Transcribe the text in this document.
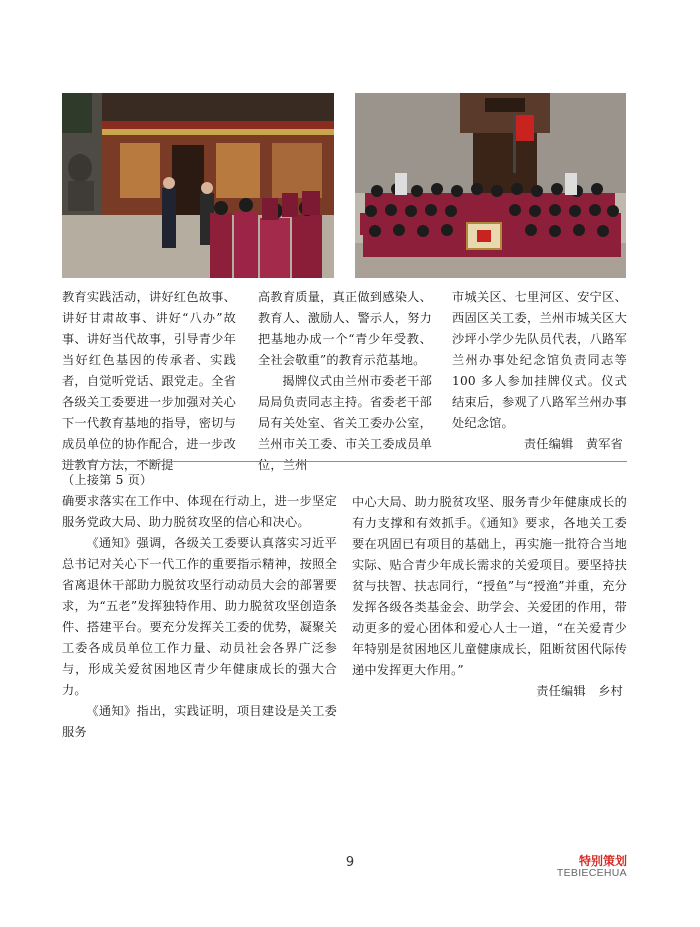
教育实践活动，讲好红色故事、讲好甘肃故事、讲好“八办”故事、讲好当代故事，引导青少年当好红色基因的传承者、实践者，自觉听党话、跟党走。全省各级关工委要进一步加强对关心下一代教育基地的指导，密切与成员单位的协作配合，进一步改进教育方法，不断提

高教育质量，真正做到感染人、教育人、激励人、警示人，努力把基地办成一个“青少年受教、全社会敬重”的教育示范基地。

揭牌仪式由兰州市委老干部局局负责同志主持。省委老干部局有关处室、省关工委办公室，兰州市关工委、市关工委成员单位，兰州

市城关区、七里河区、安宁区、西固区关工委，兰州市城关区大沙坪小学少先队员代表，八路军兰州办事处纪念馆负责同志等 100 多人参加挂牌仪式。仪式结束后，参观了八路军兰州办事处纪念馆。

责任编辑　黄军省

（上接第 5 页）

确要求落实在工作中、体现在行动上，进一步坚定服务党政大局、助力脱贫攻坚的信心和决心。

《通知》强调，各级关工委要认真落实习近平总书记对关心下一代工作的重要指示精神，按照全省离退休干部助力脱贫攻坚行动动员大会的部署要求，为“五老”发挥独特作用、助力脱贫攻坚创造条件、搭建平台。要充分发挥关工委的优势，凝聚关工委各成员单位工作力量、动员社会各界广泛参与，形成关爱贫困地区青少年健康成长的强大合力。

《通知》指出，实践证明，项目建设是关工委服务

中心大局、助力脱贫攻坚、服务青少年健康成长的有力支撑和有效抓手。《通知》要求，各地关工委要在巩固已有项目的基础上，再实施一批符合当地实际、贴合青少年成长需求的关爱项目。要坚持扶贫与扶智、扶志同行，“授鱼”与“授渔”并重，充分发挥各级各类基金会、助学会、关爱团的作用，带动更多的爱心团体和爱心人士一道，“在关爱青少年特别是贫困地区儿童健康成长，阻断贫困代际传递中发挥更大作用。”

责任编辑　乡村

9	特别策划
TEBIECEHUA
